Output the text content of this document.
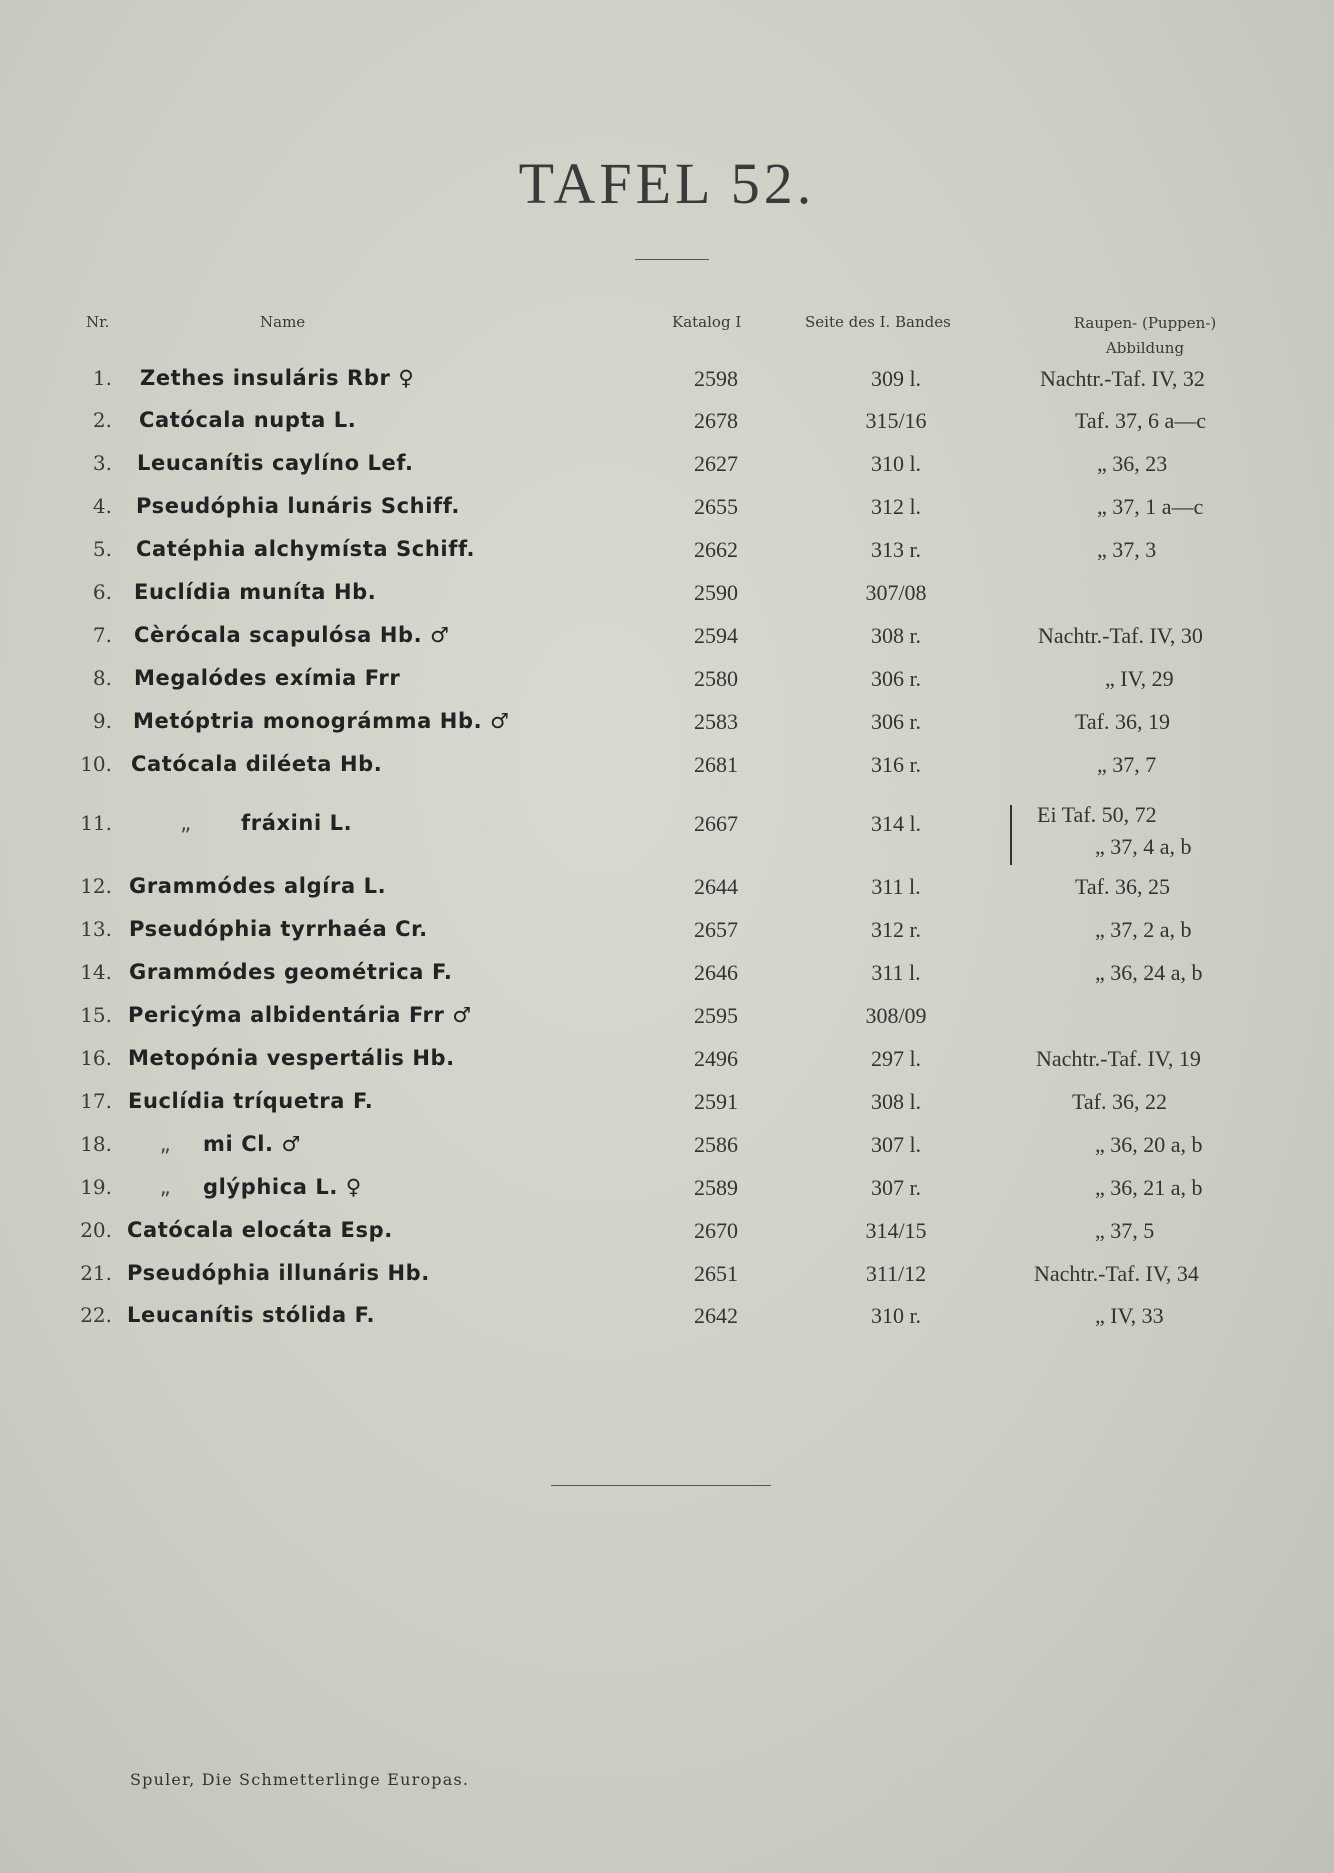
TAFEL 52.
Nr.	Name	Katalog I	Seite des I. Bandes	Raupen- (Puppen-)
Abbildung
1. Zethes insuláris Rbr ♀	2598	309 l.	Nachtr.-Taf. IV, 32
2. Catócala nupta L.	2678	315/16	Taf. 37, 6 a—c
3. Leucanítis caylíno Lef.	2627	310 l.	„ 36, 23
4. Pseudóphia lunáris Schiff.	2655	312 l.	„ 37, 1 a—c
5. Catéphia alchymísta Schiff.	2662	313 r.	„ 37, 3
6. Euclídia muníta Hb.	2590	307/08
7. Cèrócala scapulósa Hb. ♂	2594	308 r.	Nachtr.-Taf. IV, 30
8. Megalódes exímia Frr	2580	306 r.	„ IV, 29
9. Metóptria monográmma Hb. ♂	2583	306 r.	Taf. 36, 19
10. Catócala diléeta Hb.	2681	316 r.	„ 37, 7
11.	„ fráxini L.	2667	314 l.	Ei Taf. 50, 72
„ 37, 4 a, b
12. Grammódes algíra L.	2644	311 l.	Taf. 36, 25
13. Pseudóphia tyrrhaéa Cr.	2657	312 r.	„ 37, 2 a, b
14. Grammódes geométrica F.	2646	311 l.	„ 36, 24 a, b
15. Pericýma albidentária Frr ♂	2595	308/09
16. Metopónia vespertális Hb.	2496	297 l.	Nachtr.-Taf. IV, 19
17. Euclídia tríquetra F.	2591	308 l.	Taf. 36, 22
18.	„ mi Cl. ♂	2586	307 l.	„ 36, 20 a, b
19.	„ glýphica L. ♀	2589	307 r.	„ 36, 21 a, b
20. Catócala elocáta Esp.	2670	314/15	„ 37, 5
21. Pseudóphia illunáris Hb.	2651	311/12	Nachtr.-Taf. IV, 34
22. Leucanítis stólida F.	2642	310 r.	„ IV, 33
Spuler, Die Schmetterlinge Europas.
